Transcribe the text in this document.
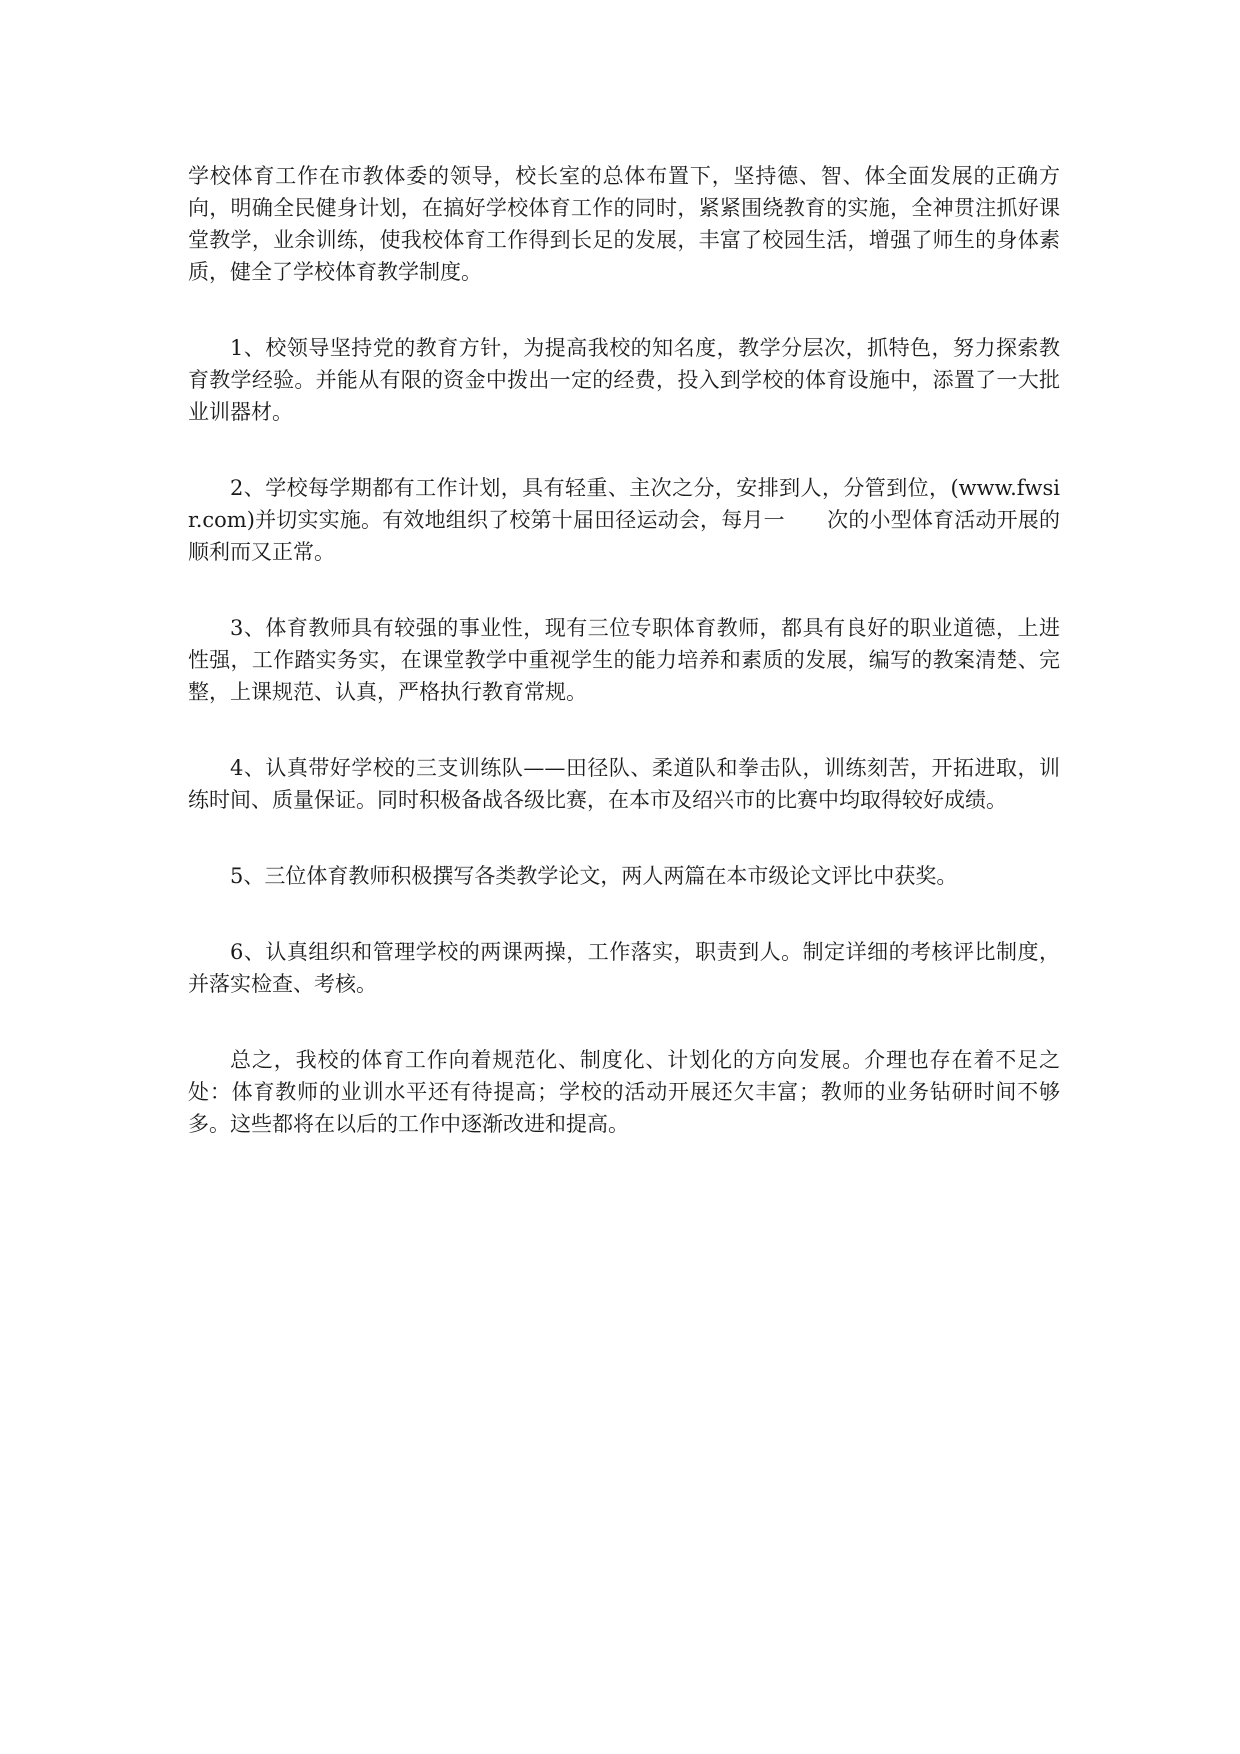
学校体育工作在市教体委的领导，校长室的总体布置下，坚持德、智、体全面发展的正确方向，明确全民健身计划，在搞好学校体育工作的同时，紧紧围绕教育的实施，全神贯注抓好课堂教学，业余训练，使我校体育工作得到长足的发展，丰富了校园生活，增强了师生的身体素质，健全了学校体育教学制度。

1、校领导坚持党的教育方针，为提高我校的知名度，教学分层次，抓特色，努力探索教育教学经验。并能从有限的资金中拨出一定的经费，投入到学校的体育设施中，添置了一大批业训器材。

2、学校每学期都有工作计划，具有轻重、主次之分，安排到人，分管到位，(www.fwsir.com)并切实实施。有效地组织了校第十届田径运动会，每月一　　次的小型体育活动开展的顺利而又正常。

3、体育教师具有较强的事业性，现有三位专职体育教师，都具有良好的职业道德，上进性强，工作踏实务实，在课堂教学中重视学生的能力培养和素质的发展，编写的教案清楚、完整，上课规范、认真，严格执行教育常规。

4、认真带好学校的三支训练队——田径队、柔道队和拳击队，训练刻苦，开拓进取，训练时间、质量保证。同时积极备战各级比赛，在本市及绍兴市的比赛中均取得较好成绩。

5、三位体育教师积极撰写各类教学论文，两人两篇在本市级论文评比中获奖。

6、认真组织和管理学校的两课两操，工作落实，职责到人。制定详细的考核评比制度，并落实检查、考核。

总之，我校的体育工作向着规范化、制度化、计划化的方向发展。介理也存在着不足之处：体育教师的业训水平还有待提高；学校的活动开展还欠丰富；教师的业务钻研时间不够多。这些都将在以后的工作中逐渐改进和提高。
